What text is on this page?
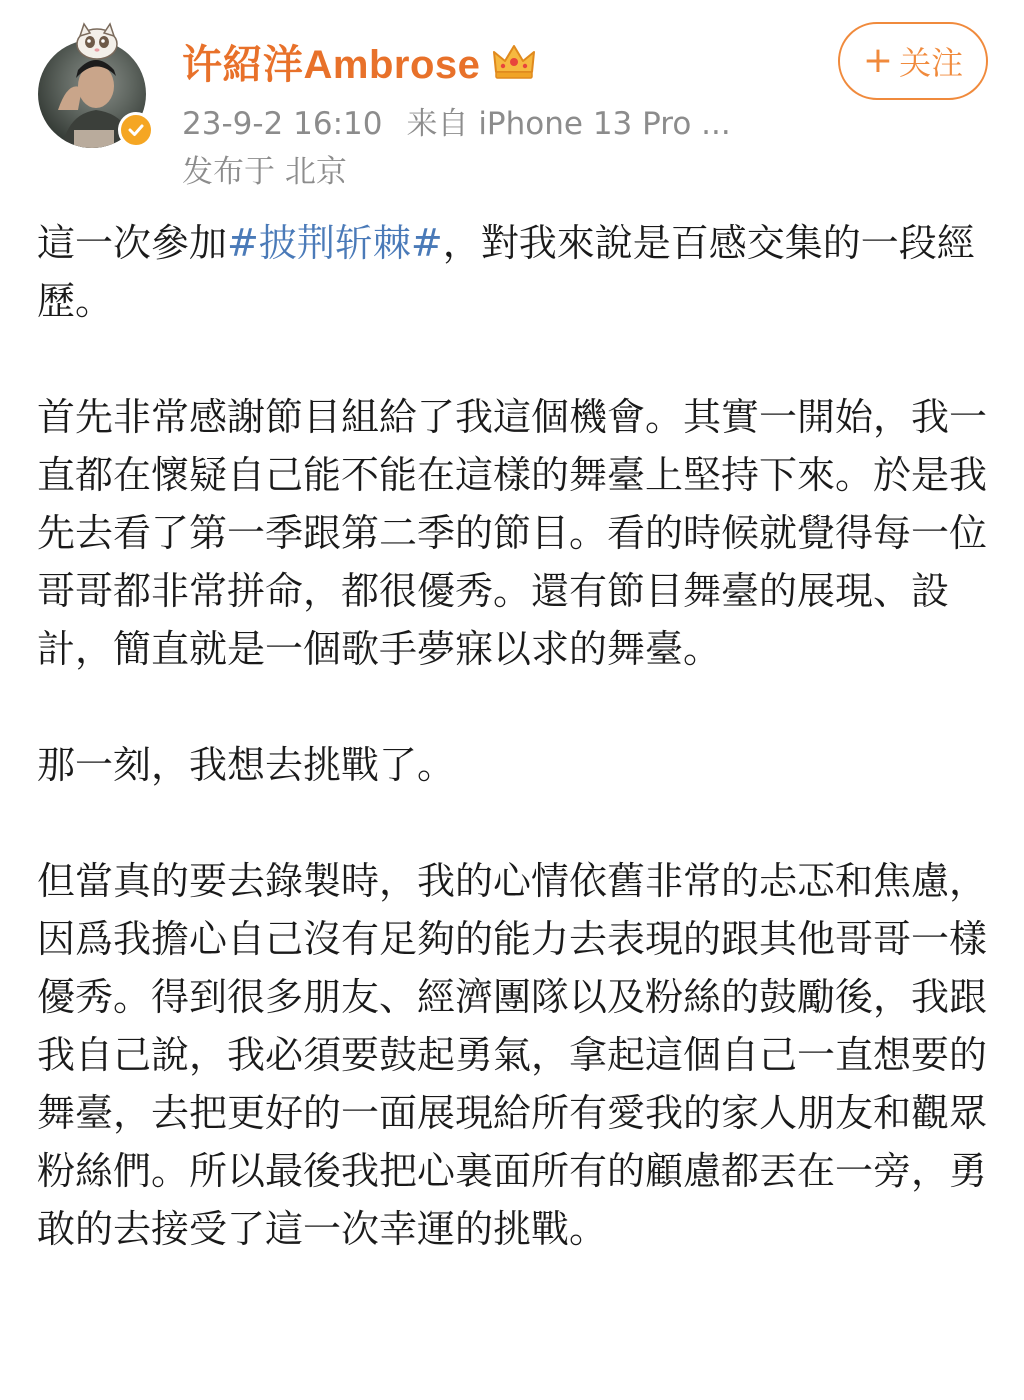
许紹洋Ambrose
23-9-2 16:10 来自 iPhone 13 Pro ...
发布于 北京
+ 关注

這一次參加#披荆斩棘#，對我來說是百感交集的一段經歷。

首先非常感謝節目組給了我這個機會。其實一開始，我一直都在懷疑自己能不能在這樣的舞臺上堅持下來。於是我先去看了第一季跟第二季的節目。看的時候就覺得每一位哥哥都非常拼命，都很優秀。還有節目舞臺的展現、設計，簡直就是一個歌手夢寐以求的舞臺。

那一刻，我想去挑戰了。

但當真的要去錄製時，我的心情依舊非常的忐忑和焦慮，因爲我擔心自己沒有足夠的能力去表現的跟其他哥哥一樣優秀。得到很多朋友、經濟團隊以及粉絲的鼓勵後，我跟我自己說，我必須要鼓起勇氣，拿起這個自己一直想要的舞臺，去把更好的一面展現給所有愛我的家人朋友和觀眾粉絲們。所以最後我把心裏面所有的顧慮都丟在一旁，勇敢的去接受了這一次幸運的挑戰。
